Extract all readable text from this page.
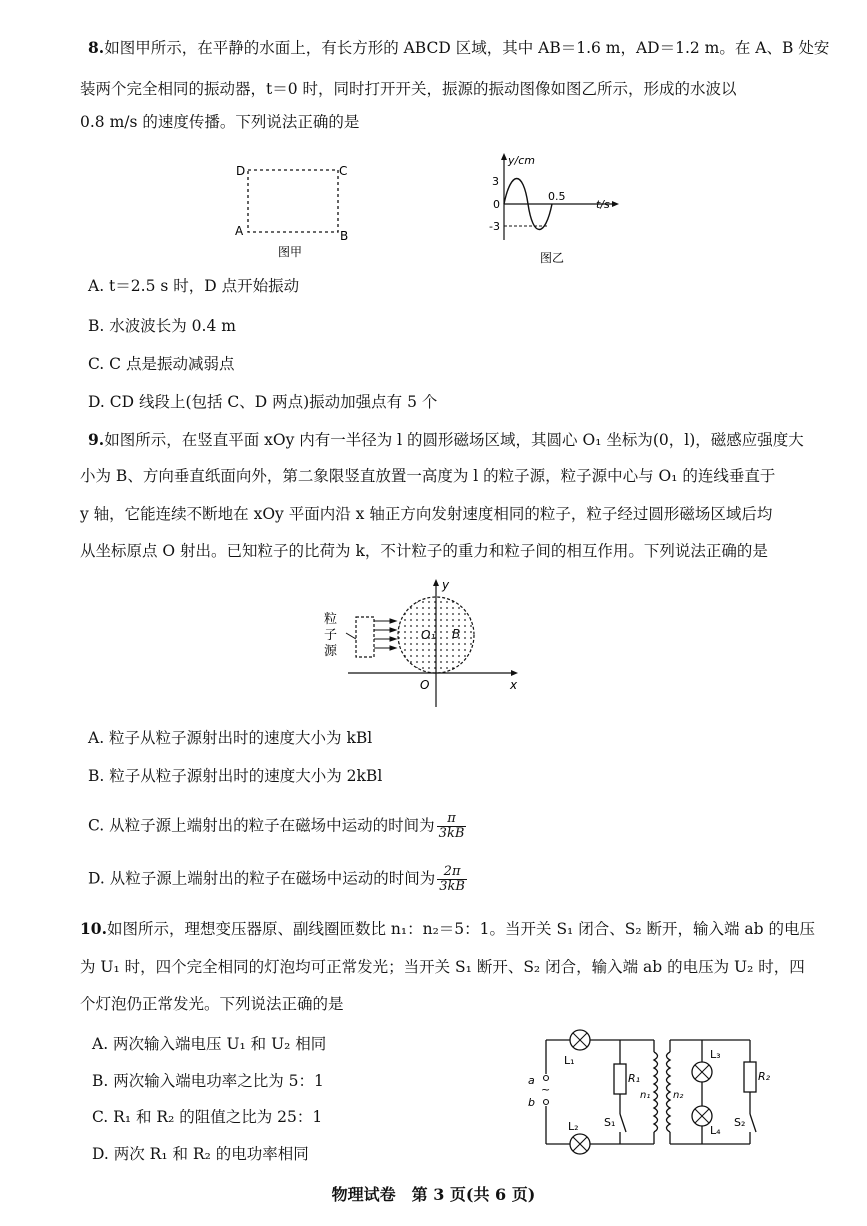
8.如图甲所示，在平静的水面上，有长方形的 ABCD 区域，其中 AB＝1.6 m，AD＝1.2 m。在 A、B 处安
装两个完全相同的振动器，t＝0 时，同时打开开关，振源的振动图像如图乙所示，形成的水波以
0.8 m/s 的速度传播。下列说法正确的是
D	C
A	B
图甲
y/cm
t/s
3
0
-3
0.5
图乙
A. t＝2.5 s 时，D 点开始振动
B. 水波波长为 0.4 m
C. C 点是振动减弱点
D. CD 线段上(包括 C、D 两点)振动加强点有 5 个
9.如图所示，在竖直平面 xOy 内有一半径为 l 的圆形磁场区域，其圆心 O₁ 坐标为(0，l)，磁感应强度大
小为 B、方向垂直纸面向外，第二象限竖直放置一高度为 l 的粒子源，粒子源中心与 O₁ 的连线垂直于
y 轴，它能连续不断地在 xOy 平面内沿 x 轴正方向发射速度相同的粒子，粒子经过圆形磁场区域后均
从坐标原点 O 射出。已知粒子的比荷为 k，不计粒子的重力和粒子间的相互作用。下列说法正确的是
y
x
O
O₁ B
粒
子
源
A. 粒子从粒子源射出时的速度大小为 kBl
B. 粒子从粒子源射出时的速度大小为 2kBl
C. 从粒子源上端射出的粒子在磁场中运动的时间为 $\frac{\pi}{3kB}$
D. 从粒子源上端射出的粒子在磁场中运动的时间为 $\frac{2\pi}{3kB}$
10.如图所示，理想变压器原、副线圈匝数比 n₁：n₂＝5：1。当开关 S₁ 闭合、S₂ 断开，输入端 ab 的电压
为 U₁ 时，四个完全相同的灯泡均可正常发光；当开关 S₁ 断开、S₂ 闭合，输入端 ab 的电压为 U₂ 时，四
个灯泡仍正常发光。下列说法正确的是
A. 两次输入端电压 U₁ 和 U₂ 相同
B. 两次输入端电功率之比为 5：1
C. R₁ 和 R₂ 的阻值之比为 25：1
D. 两次 R₁ 和 R₂ 的电功率相同
~
a
b
L₁
L₂
L₃
L₄
R₁	R₂
S₁	S₂
n₁ n₂
物理试卷　第 3 页(共 6 页)
